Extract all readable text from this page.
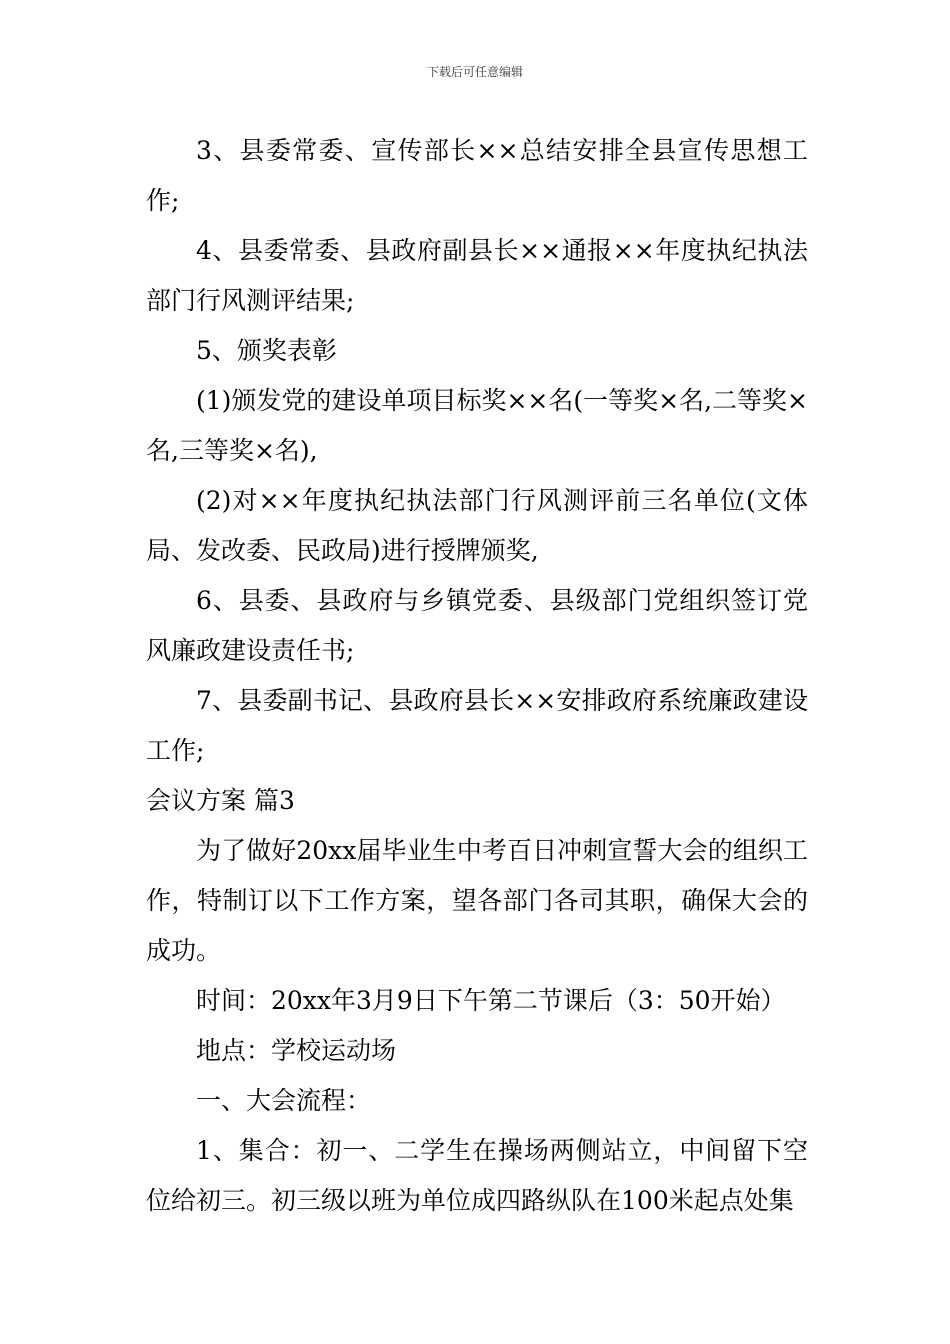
下载后可任意编辑

3、县委常委、宣传部长××总结安排全县宣传思想工作;

4、县委常委、县政府副县长××通报××年度执纪执法部门行风测评结果;

5、颁奖表彰

(1)颁发党的建设单项目标奖××名(一等奖×名,二等奖×名,三等奖×名),

(2)对××年度执纪执法部门行风测评前三名单位(文体局、发改委、民政局)进行授牌颁奖,

6、县委、县政府与乡镇党委、县级部门党组织签订党风廉政建设责任书;

7、县委副书记、县政府县长××安排政府系统廉政建设工作;

会议方案 篇3

为了做好20xx届毕业生中考百日冲刺宣誓大会的组织工作，特制订以下工作方案，望各部门各司其职，确保大会的成功。

时间：20xx年3月9日下午第二节课后（3：50开始）

地点：学校运动场

一、大会流程：

1、集合：初一、二学生在操场两侧站立，中间留下空位给初三。初三级以班为单位成四路纵队在100米起点处集
